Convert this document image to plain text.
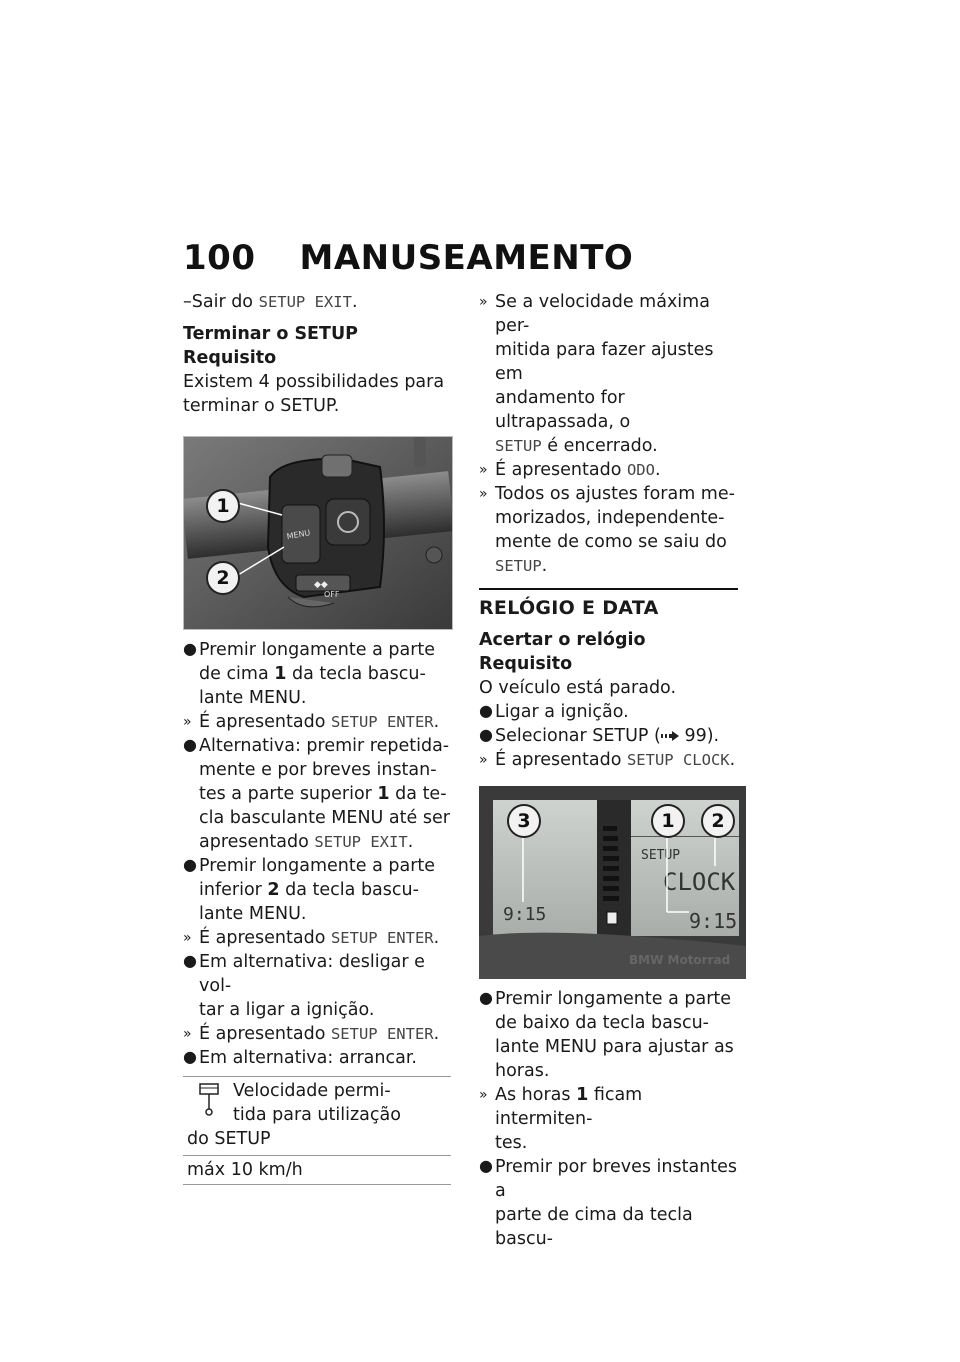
100 MANUSEAMENTO

–Sair do SETUP EXIT.

Terminar o SETUP

Requisito

Existem 4 possibilidades para

terminar o SETUP.

MENU
◆◆
OFF
1
2
● Premir longamente a parte
de cima 1 da tecla bascu-
lante MENU.
» É apresentado SETUP ENTER.
● Alternativa: premir repetida-
mente e por breves instan-
tes a parte superior 1 da te-
cla basculante MENU até ser
apresentado SETUP EXIT.
● Premir longamente a parte
inferior 2 da tecla bascu-
lante MENU.
» É apresentado SETUP ENTER.
● Em alternativa: desligar e vol-
tar a ligar a ignição.
» É apresentado SETUP ENTER.
● Em alternativa: arrancar.
Velocidade permi-
tida para utilização
do SETUP
máx 10 km/h
» Se a velocidade máxima per-
mitida para fazer ajustes em
andamento for ultrapassada, o
SETUP é encerrado.
» É apresentado ODO.
» Todos os ajustes foram me-
morizados, independente-
mente de como se saiu do
SETUP.
RELÓGIO E DATA

Acertar o relógio

Requisito

O veículo está parado.

● Ligar a ignição.
● Selecionar SETUP ( 99).
» É apresentado SETUP CLOCK.
SETUP
CLOCK
9:15
9:15
BMW Motorrad
3	1	2
● Premir longamente a parte
de baixo da tecla bascu-
lante MENU para ajustar as
horas.
» As horas 1 ficam intermiten-
tes.
● Premir por breves instantes a
parte de cima da tecla bascu-
